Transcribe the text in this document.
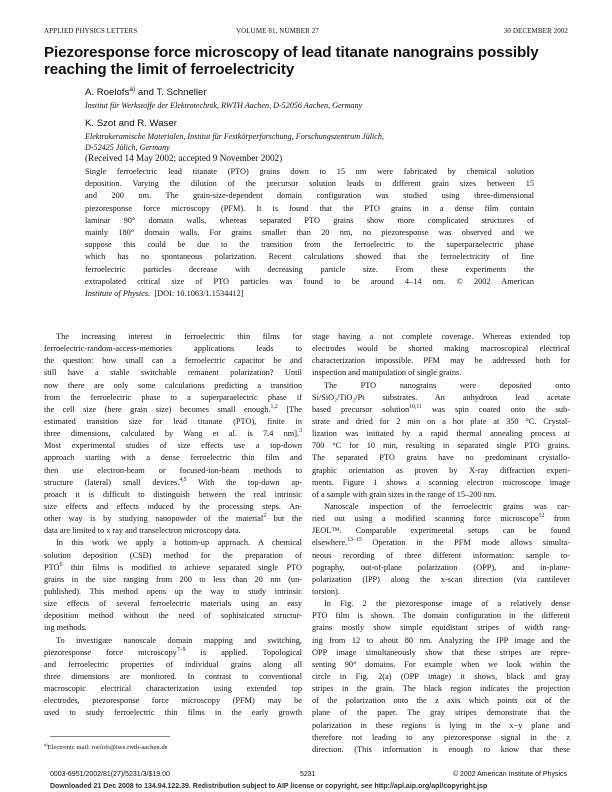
APPLIED PHYSICS LETTERS	VOLUME 81, NUMBER 27	30 DECEMBER 2002
Piezoresponse force microscopy of lead titanate nanograins possibly
reaching the limit of ferroelectricity
A. Roelofs$^{a)}$ and T. Schneller
Institut für Werkstoffe der Elektrotechnik, RWTH Aachen, D-52056 Aachen, Germany
K. Szot and R. Waser
Elektrokeramische Materialen, Institut für Festkörperforschung, Forschungszentrum Jülich,
D-52425 Jülich, Germany
(Received 14 May 2002; accepted 9 November 2002)
Single ferroelectric lead titanate (PTO) grains down to 15 nm were fabricated by chemical solution
deposition. Varying the dilution of the precursor solution leads to different grain sizes between 15
and 200 nm. The grain-size-dependent domain configuration was studied using three-dimensional
piezoresponse force microscopy (PFM). It is found that the PTO grains in a dense film contain
laminar 90° domain walls, whereas separated PTO grains show more complicated structures of
mainly 180° domain walls. For grains smaller than 20 nm, no piezoresponse was observed and we
suppose this could be due to the transition from the ferroelectric to the superparaelectric phase
which has no spontaneous polarization. Recent calculations showed that the ferroelectricity of fine
ferroelectric particles decrease with decreasing particle size. From these experiments the
extrapolated critical size of PTO particles was found to be around 4–14 nm. © 2002 American
Institute of Physics.  [DOI: 10.1063/1.1534412]
The increasing interest in ferroelectric thin films for
ferroelectric-random-access-memories applications leads to
the question: how small can a ferroelectric capacitor be and
still have a stable switchable remanent polarization? Until
now there are only some calculations predicting a transition
from the ferroelectric phase to a superparaelectric phase if
the cell size (here grain size) becomes small enough.$^{1,2}$ [The
estimated transition size for lead titanate (PTO), finite in
three dimensions, calculated by Wang et al. is 7.4 nm].$^3$
Most experimental studies of size effects use a top-down
approach starting with a dense ferroelectric thin film and
then use electron-beam or focused-ion-beam methods to
structure (lateral) small devices.$^{4,5}$ With the top-down ap-
proach it is difficult to distinguish between the real intrinsic
size effects and effects induced by the processing steps. An-
other way is by studying nanopowder of the material$^2$ but the
data are limited to x ray and transelectron microscopy data.
In this work we apply a bottom-up approach. A chemical
solution deposition (CSD) method for the preparation of
PTO$^6$ thin films is modified to achieve separated single PTO
grains in the size ranging from 200 to less than 20 nm (un-
published). This method opens up the way to study intrinsic
size effects of several ferroelectric materials using an easy
deposition method without the need of sophisticated structur-
ing methods.
To investigate nanoscale domain mapping and switching,
piezoresponse force microscopy$^{7-9}$ is applied. Topological
and ferroelectric properties of individual grains along all
three dimensions are monitored. In contrast to conventional
macroscopic electrical characterization using extended top
electrodes, piezoresponse force microscopy (PFM) may be
used to study ferroelectric thin films in the early growth
stage having a not complete coverage. Whereas extended top
electrodes would be shorted making macroscopical electrical
characterization impossible. PFM may be addressed both for
inspection and manipulation of single grains.
The PTO nanograins were deposited onto
Si/SiO₂/TiO₂/Pt substrates. An anhydrous lead acetate
based precursor solution$^{10,11}$ was spin coated onto the sub-
strate and dried for 2 min on a hot plate at 350 °C. Crystal-
lization was initiated by a rapid thermal annealing process at
700 °C for 10 min, resulting in separated single PTO grains.
The separated PTO grains have no predominant crystallo-
graphic orientation as proven by X-ray diffraction experi-
ments. Figure 1 shows a scanning electron microscope image
of a sample with grain sizes in the range of 15–200 nm.
Nanoscale inspection of the ferroelectric grains was car-
ried out using a modified scanning force microscope$^{12}$ from
JEOL™. Comparable experimental setups can be found
elsewhere.$^{13-15}$ Operation in the PFM mode allows simulta-
neous recording of three different information: sample to-
pography, out-of-plane polarization (OPP), and in-plane-
polarization (IPP) along the x-scan direction (via cantilever
torsion).
In Fig. 2 the piezoresponse image of a relatively dense
PTO film is shown. The domain configuration in the different
grains mostly show simple equidistant stripes of width rang-
ing from 12 to about 80 nm. Analyzing the IPP image and the
OPP image simultaneously show that these stripes are repre-
senting 90° domains. For example when we look within the
circle in Fig. 2(a) (OPP image) it shows, black and gray
stripes in the grain. The black region indicates the projection
of the polarization onto the z axis which points out of the
plane of the paper. The gray stripes demonstrate that the
polarization in these regions is lying in the x−y plane and
therefore not leading to any piezoresponse signal in the z
direction. (This information is enough to know that these
$^{a)}$Electronic mail: roelofs@iwe.rwth-aachen.de
0003-6951/2002/81(27)/5231/3/$19.00	5231	© 2002 American Institute of Physics
Downloaded 21 Dec 2008 to 134.94.122.39. Redistribution subject to AIP license or copyright, see http://apl.aip.org/apl/copyright.jsp
